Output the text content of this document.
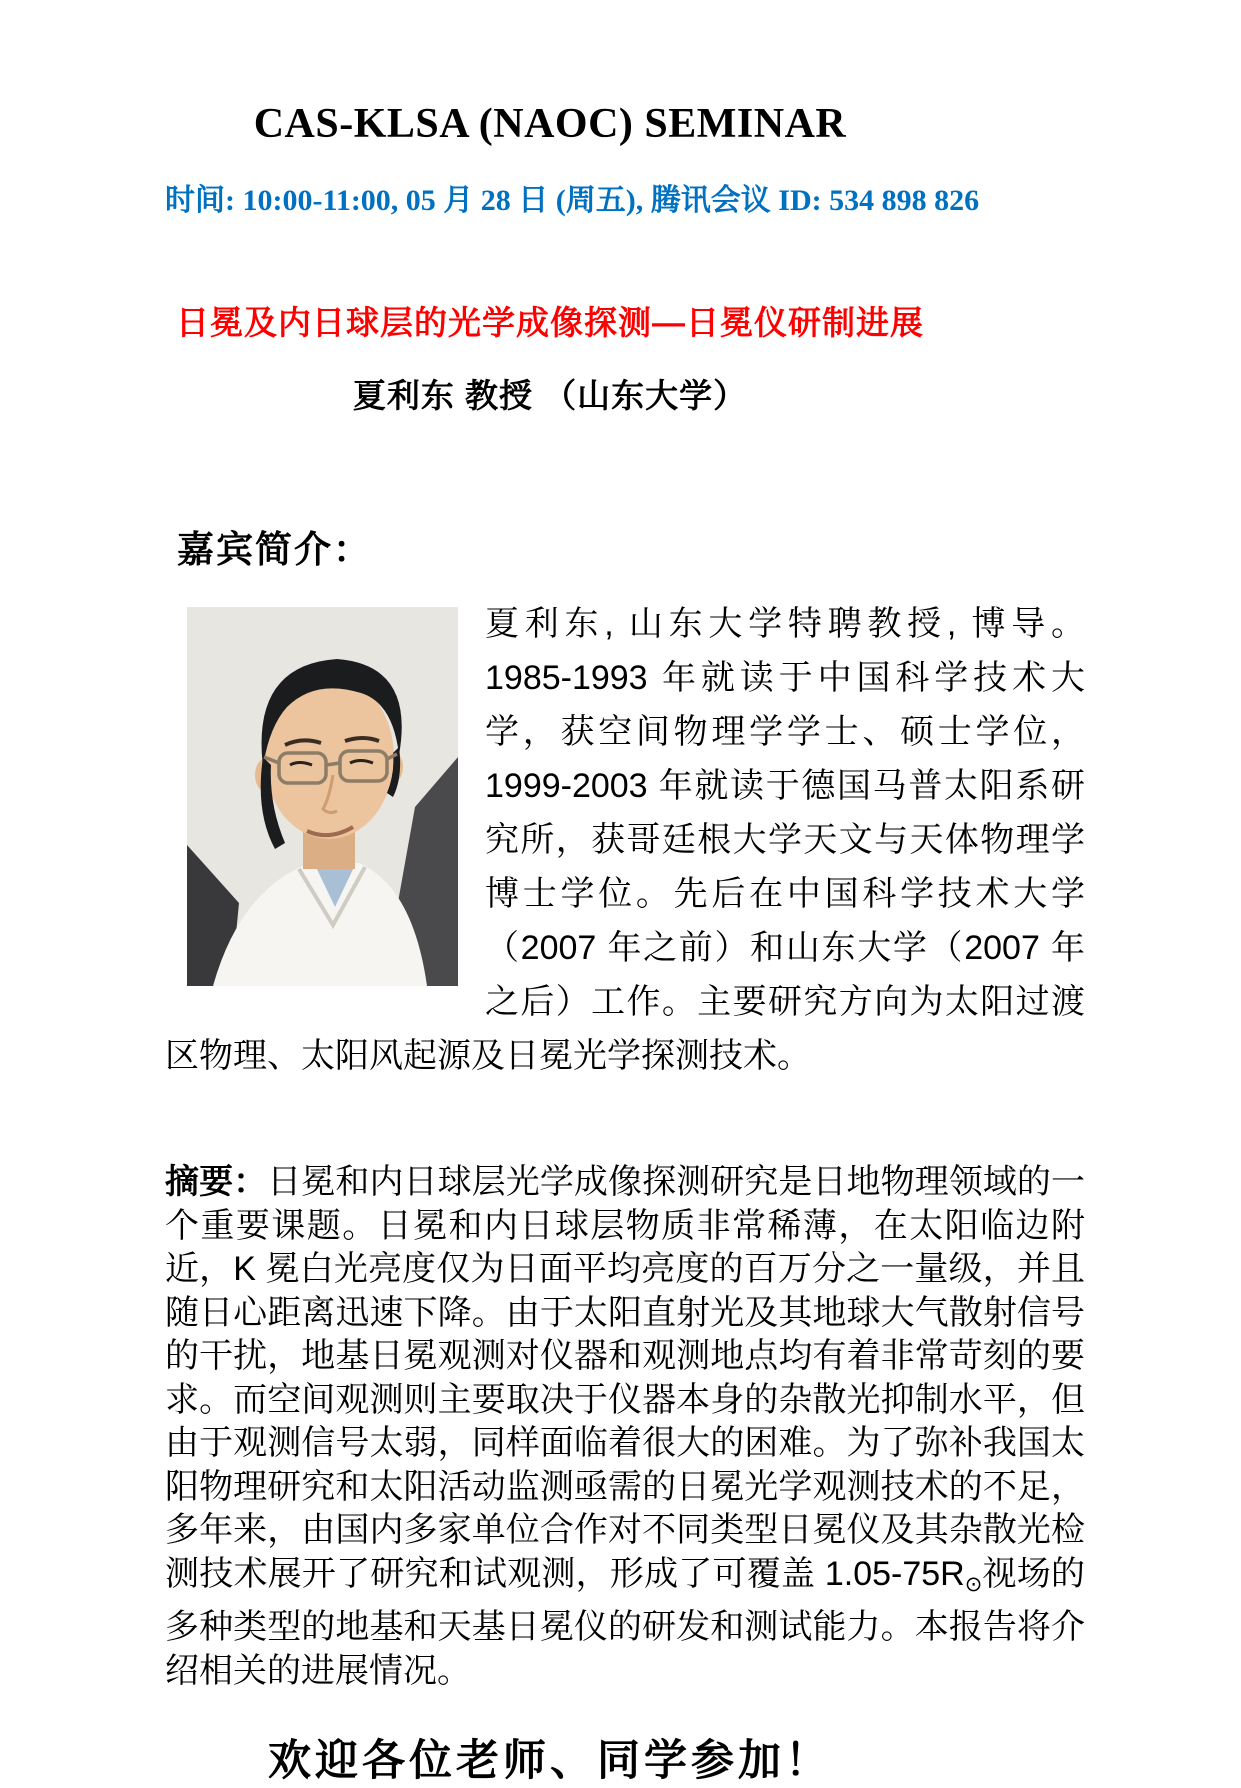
CAS-KLSA (NAOC) SEMINAR
时间: 10:00-11:00, 05 月 28 日 (周五), 腾讯会议 ID: 534 898 826
日冕及内日球层的光学成像探测—日冕仪研制进展
夏利东 教授 （山东大学）
嘉宾简介：
夏利东, 山东大学特聘教授, 博导。1985-1993 年就读于中国科学技术大学，获空间物理学学士、硕士学位，1999-2003 年就读于德国马普太阳系研究所，获哥廷根大学天文与天体物理学博士学位。先后在中国科学技术大学（2007 年之前）和山东大学（2007 年之后）工作。主要研究方向为太阳过渡区物理、太阳风起源及日冕光学探测技术。

摘要：日冕和内日球层光学成像探测研究是日地物理领域的一个重要课题。日冕和内日球层物质非常稀薄，在太阳临边附近，K 冕白光亮度仅为日面平均亮度的百万分之一量级，并且随日心距离迅速下降。由于太阳直射光及其地球大气散射信号的干扰，地基日冕观测对仪器和观测地点均有着非常苛刻的要求。而空间观测则主要取决于仪器本身的杂散光抑制水平，但由于观测信号太弱，同样面临着很大的困难。为了弥补我国太阳物理研究和太阳活动监测亟需的日冕光学观测技术的不足，多年来，由国内多家单位合作对不同类型日冕仪及其杂散光检测技术展开了研究和试观测，形成了可覆盖 1.05-75R⊙视场的多种类型的地基和天基日冕仪的研发和测试能力。本报告将介绍相关的进展情况。

欢迎各位老师、同学参加！
